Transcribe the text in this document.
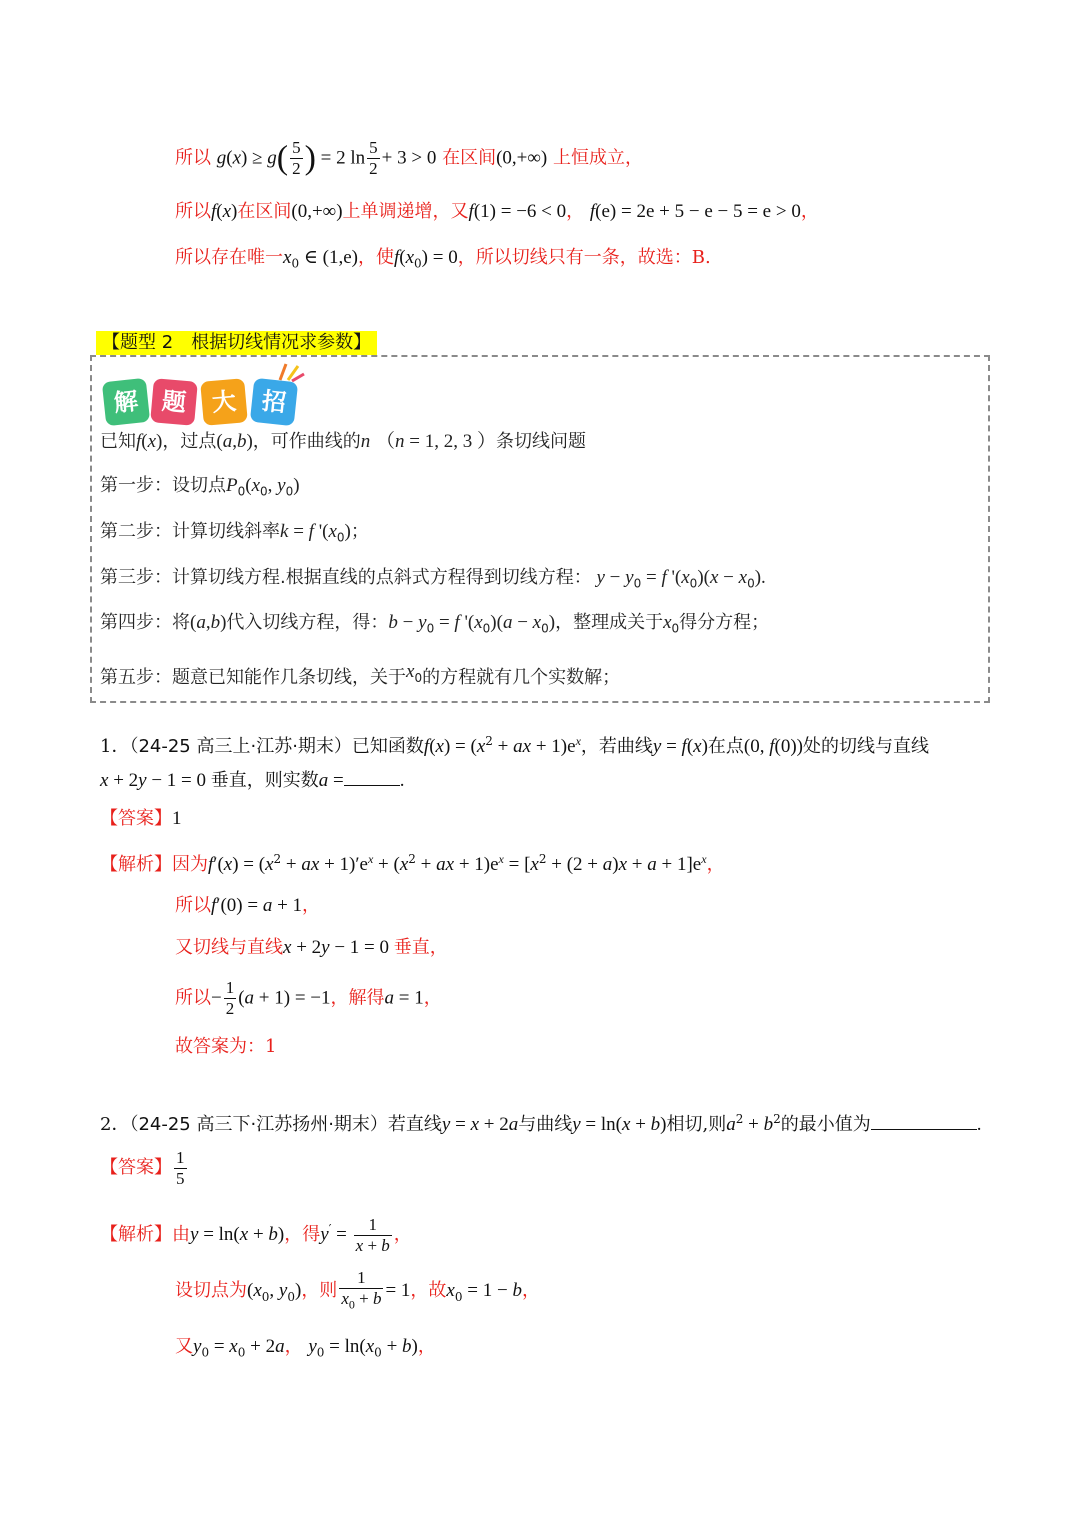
所以 $g(x) \ge g( \frac{5}{2}$ ) = 2 $\ln \frac{5}{2} + 3 > 0$ 在区间(0,+∞) 上恒成立，
所以f(x)在区间(0,+∞)上单调递增，又f(1) = −6 < 0， f(e) = 2e + 5 − e − 5 = e > 0，
所以存在唯一$x_0$ ∈ (1,e)，使$f(x_0) = 0$，所以切线只有一条，故选：B.
【题型 2　根据切线情况求参数】
解 题 大 招
已知f(x)，过点(a,b)，可作曲线的n （n = 1, 2, 3 ）条切线问题
第一步：设切点$P_0(x_0$, $y_0$)
第二步：计算切线斜率k = f '$(x_0)$；
第三步：计算切线方程.根据直线的点斜式方程得到切线方程： $y - y_0 = f$ '$(x_0)(x - x_0)$.
第四步：将(a,b)代入切线方程，得：$b - y_0 = f$ '$(x_0)(a - x_0)$，整理成关于$x_0$得分方程；
第五步：题意已知能作几条切线，关于$x_0$的方程就有几个实数解；
1．（24-25 高三上·江苏·期末）已知函数$f(x) = (x^2$ + ax + $1)e^x$，若曲线y = f(x)在点(0, f(0))处的切线与直线
x + 2y − 1 = 0 垂直，则实数a =	.
【答案】1
【解析】因为$f'(x) = (x^2$ + ax + $1)'e^x + (x^2$ + ax + $1)e^x = [x^2 + (2 + a)x + a + 1]e^x$，
所以f′(0) = a + 1，
又切线与直线x + 2y − 1 = 0 垂直，
所以− $\frac{1}{2} (a + 1) = -1$，解得a = 1，
故答案为：1
2．（24-25 高三下·江苏扬州·期末）若直线y = x + 2a与曲线y = ln(x + b)相切,则$a^2 + b^2$的最小值为	.
【答案】 $\frac{1}{5}$
【解析】由y = ln(x + b)，得$y' = \frac{1}{x + b}$ ，
设切点为($x_0$, $y_0$)，则 $\frac{1}{x_0 + b} = 1$，故$x_0 = 1 - b$，
又$y_0 = x_0 + 2a$， $y_0 = \ln(x_0 + b)$，
